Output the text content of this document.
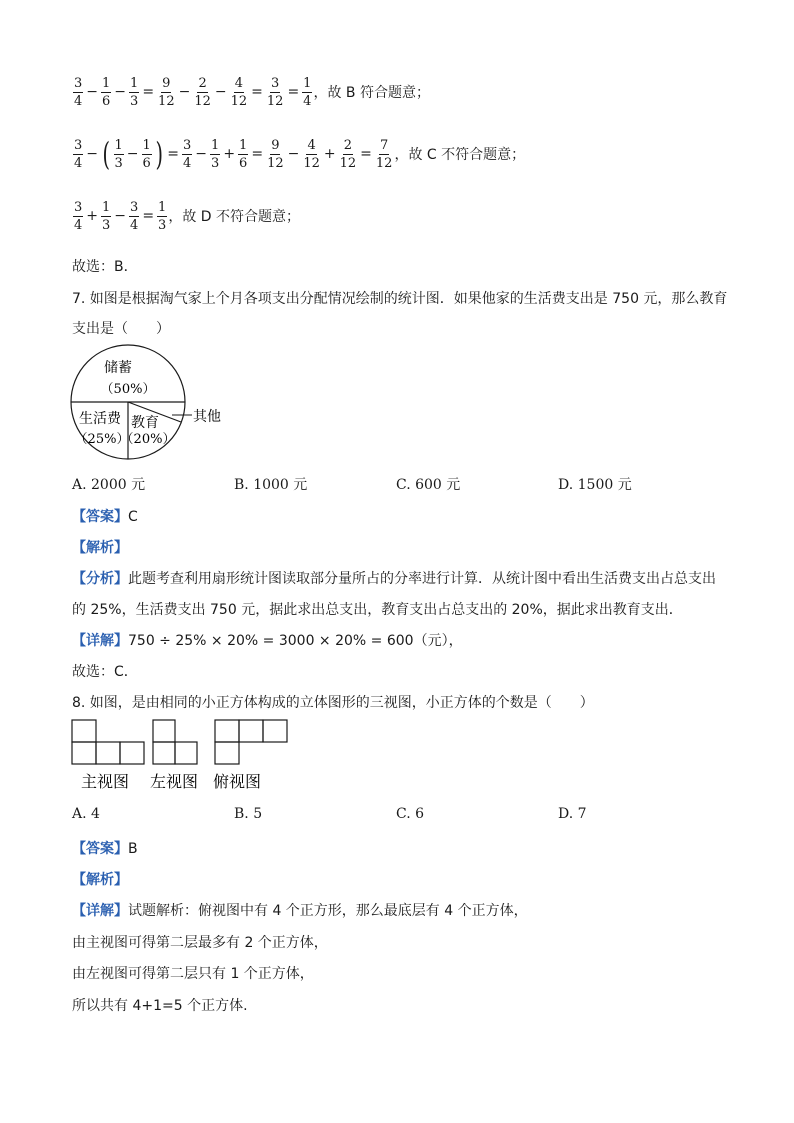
$\frac{3}{4} - \frac{1}{6} - \frac{1}{3} = \frac{9}{12} - \frac{2}{12} - \frac{4}{12} = \frac{3}{12} = \frac{1}{4}$ ，故 B 符合题意；
$\frac{3}{4}$ − ( $\frac{1}{3} - \frac{1}{6}$ ) = $\frac{3}{4} - \frac{1}{3} + \frac{1}{6} = \frac{9}{12} - \frac{4}{12} + \frac{2}{12} = \frac{7}{12}$ ，故 C 不符合题意；
$\frac{3}{4} + \frac{1}{3} - \frac{3}{4} = \frac{1}{3}$ ，故 D 不符合题意；
故选：B．
7. 如图是根据淘气家上个月各项支出分配情况绘制的统计图．如果他家的生活费支出是 750 元，那么教育
支出是（　　）
储蓄
（50%）
生活费
（25%）
教育
（20%）
其他
A. 2000 元	B. 1000 元	C. 600 元	D. 1500 元
【答案】C
【解析】
【分析】此题考查利用扇形统计图读取部分量所占的分率进行计算．从统计图中看出生活费支出占总支出
的 25%，生活费支出 750 元，据此求出总支出，教育支出占总支出的 20%，据此求出教育支出．
【详解】750 ÷ 25% × 20% = 3000 × 20% = 600（元），
故选：C．
8. 如图，是由相同的小正方体构成的立体图形的三视图，小正方体的个数是（　　）
主视图 左视图 俯视图
A. 4	B. 5	C. 6	D. 7
【答案】B
【解析】
【详解】试题解析：俯视图中有 4 个正方形，那么最底层有 4 个正方体，
由主视图可得第二层最多有 2 个正方体，
由左视图可得第二层只有 1 个正方体，
所以共有 4+1=5 个正方体.
